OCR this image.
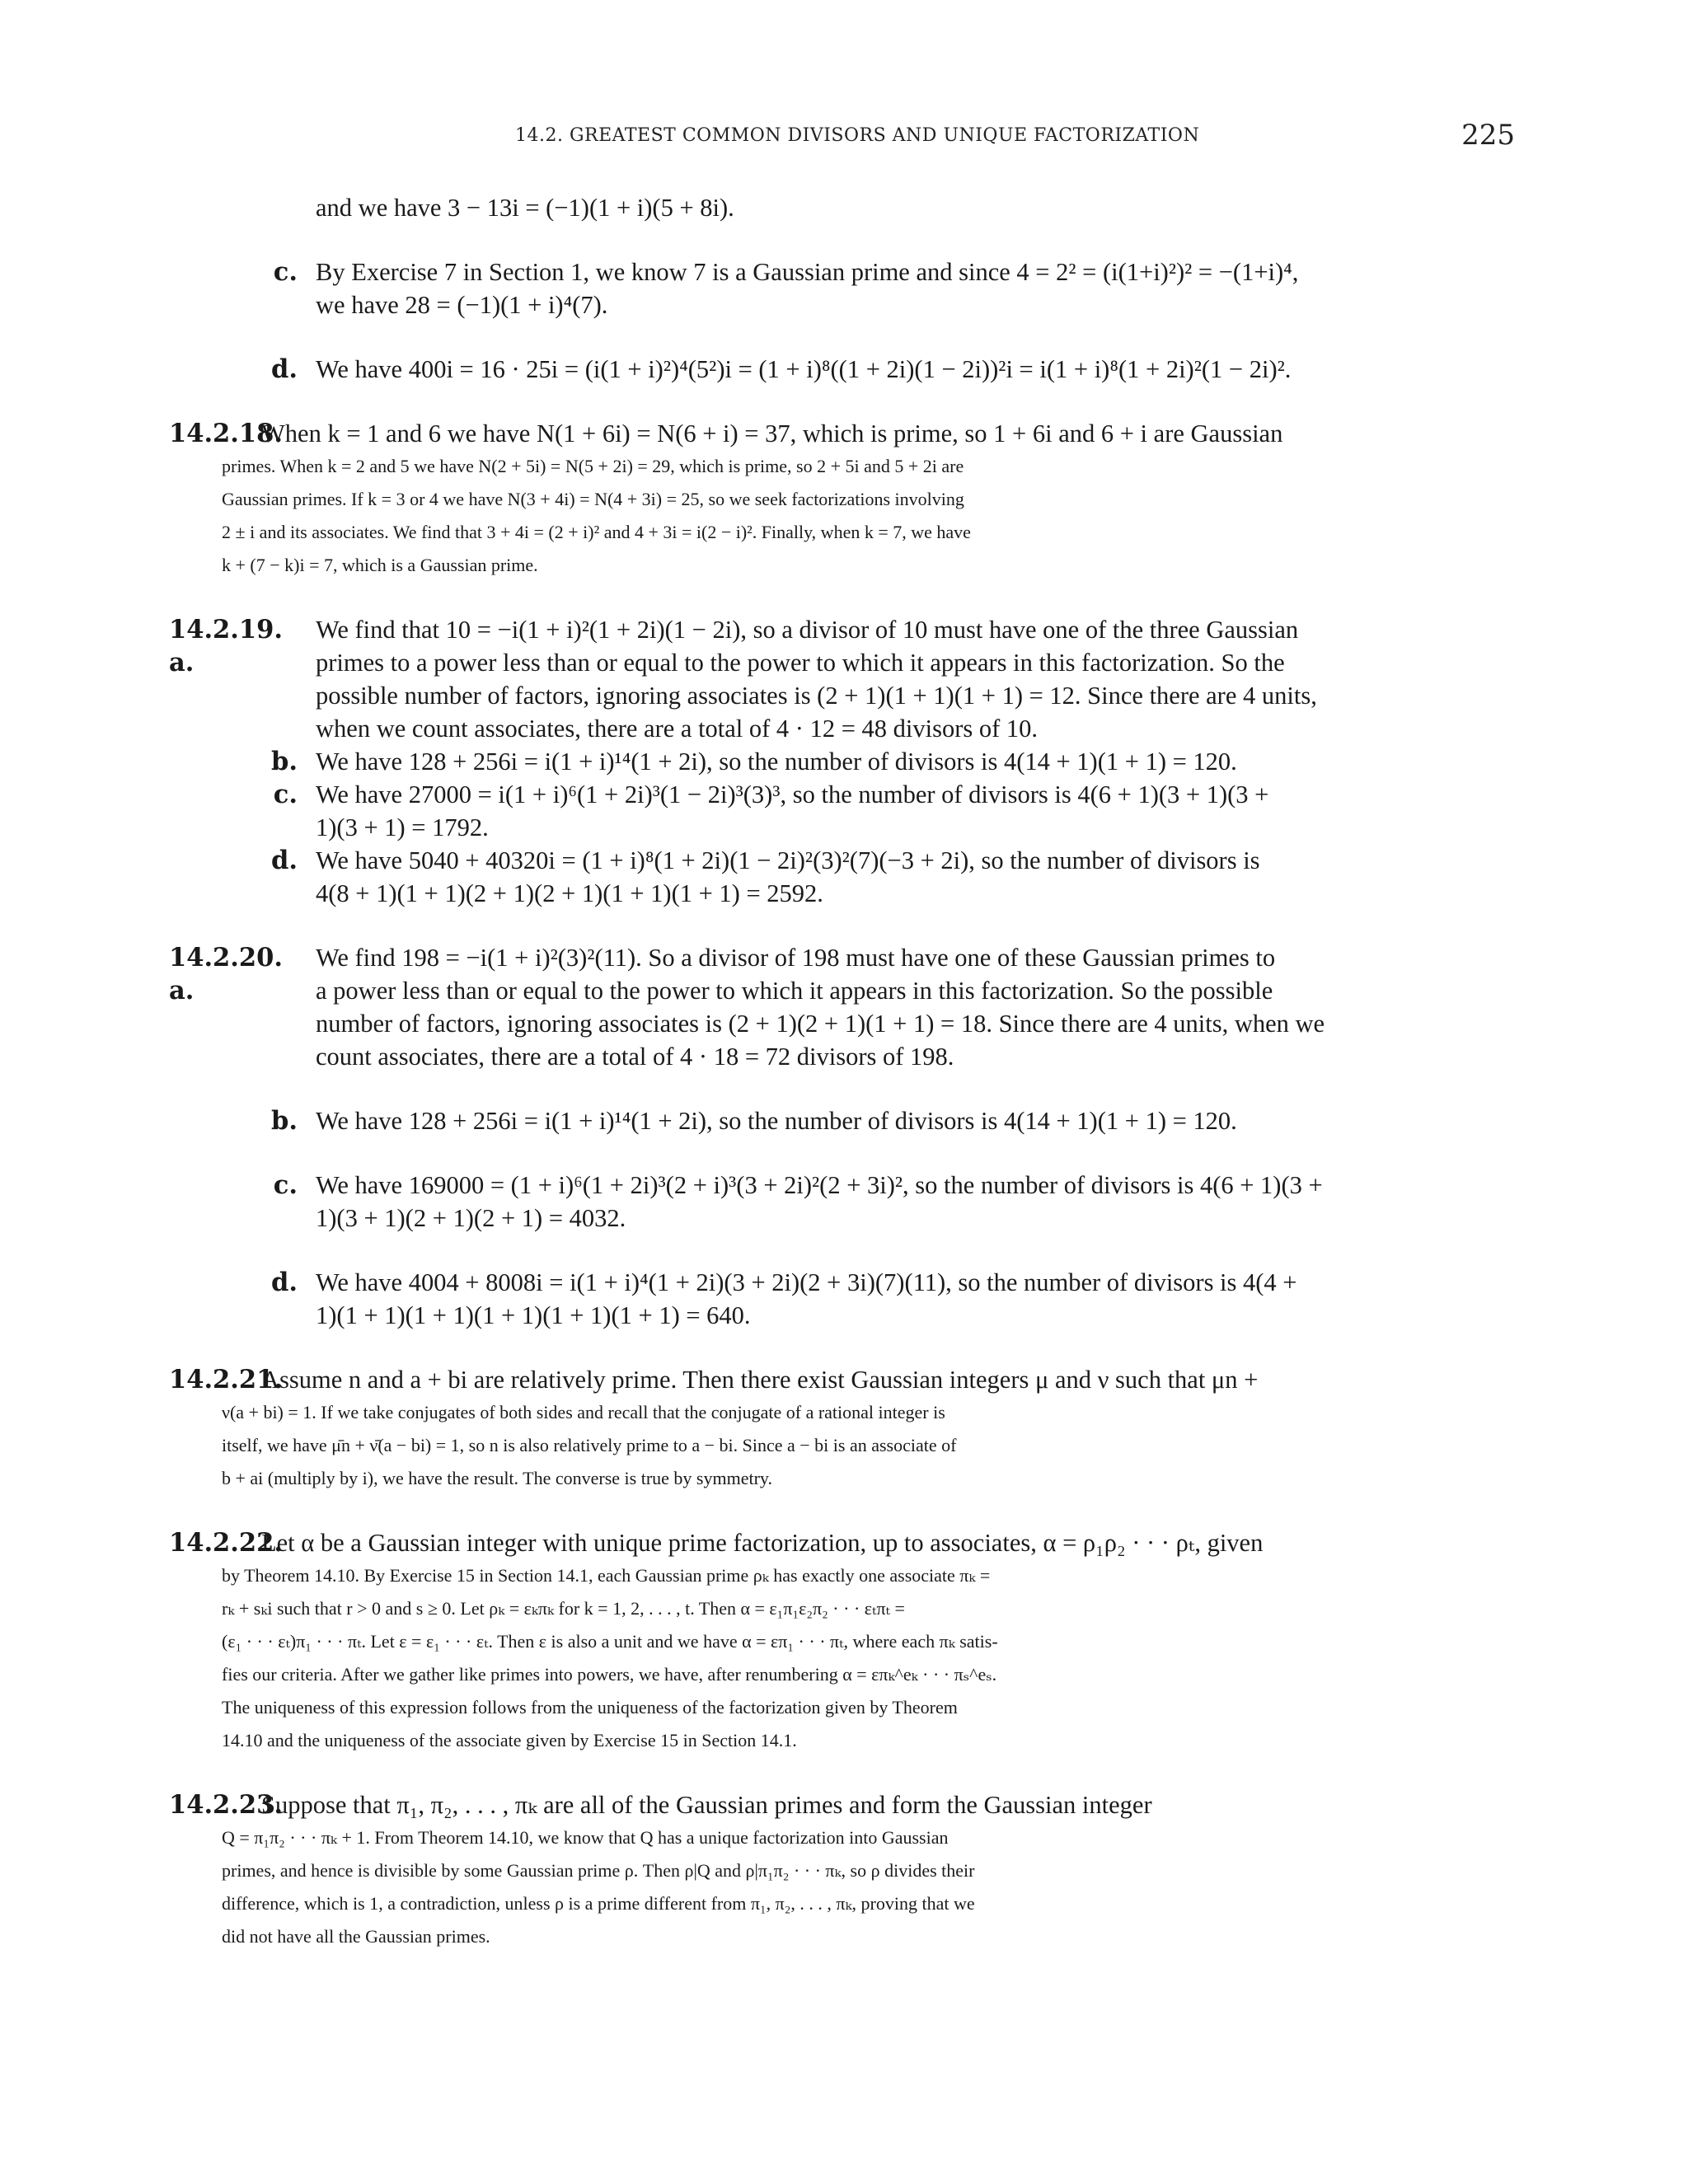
14.2. GREATEST COMMON DIVISORS AND UNIQUE FACTORIZATION	225
and we have 3 − 13i = (−1)(1 + i)(5 + 8i).
c. By Exercise 7 in Section 1, we know 7 is a Gaussian prime and since 4 = 2² = (i(1+i)²)² = −(1+i)⁴,
we have 28 = (−1)(1 + i)⁴(7).
d. We have 400i = 16 · 25i = (i(1 + i)²)⁴(5²)i = (1 + i)⁸((1 + 2i)(1 − 2i))²i = i(1 + i)⁸(1 + 2i)²(1 − 2i)².
14.2.18.
When k = 1 and 6 we have N(1 + 6i) = N(6 + i) = 37, which is prime, so 1 + 6i and 6 + i are Gaussian
primes. When k = 2 and 5 we have N(2 + 5i) = N(5 + 2i) = 29, which is prime, so 2 + 5i and 5 + 2i are
Gaussian primes. If k = 3 or 4 we have N(3 + 4i) = N(4 + 3i) = 25, so we seek factorizations involving
2 ± i and its associates. We find that 3 + 4i = (2 + i)² and 4 + 3i = i(2 − i)². Finally, when k = 7, we have
k + (7 − k)i = 7, which is a Gaussian prime.
14.2.19. a.
We find that 10 = −i(1 + i)²(1 + 2i)(1 − 2i), so a divisor of 10 must have one of the three Gaussian
primes to a power less than or equal to the power to which it appears in this factorization. So the
possible number of factors, ignoring associates is (2 + 1)(1 + 1)(1 + 1) = 12. Since there are 4 units,
when we count associates, there are a total of 4 · 12 = 48 divisors of 10.
b. We have 128 + 256i = i(1 + i)¹⁴(1 + 2i), so the number of divisors is 4(14 + 1)(1 + 1) = 120.
c. We have 27000 = i(1 + i)⁶(1 + 2i)³(1 − 2i)³(3)³, so the number of divisors is 4(6 + 1)(3 + 1)(3 +
1)(3 + 1) = 1792.
d. We have 5040 + 40320i = (1 + i)⁸(1 + 2i)(1 − 2i)²(3)²(7)(−3 + 2i), so the number of divisors is
4(8 + 1)(1 + 1)(2 + 1)(2 + 1)(1 + 1)(1 + 1) = 2592.
14.2.20. a.
We find 198 = −i(1 + i)²(3)²(11). So a divisor of 198 must have one of these Gaussian primes to
a power less than or equal to the power to which it appears in this factorization. So the possible
number of factors, ignoring associates is (2 + 1)(2 + 1)(1 + 1) = 18. Since there are 4 units, when we
count associates, there are a total of 4 · 18 = 72 divisors of 198.
b. We have 128 + 256i = i(1 + i)¹⁴(1 + 2i), so the number of divisors is 4(14 + 1)(1 + 1) = 120.
c. We have 169000 = (1 + i)⁶(1 + 2i)³(2 + i)³(3 + 2i)²(2 + 3i)², so the number of divisors is 4(6 + 1)(3 +
1)(3 + 1)(2 + 1)(2 + 1) = 4032.
d. We have 4004 + 8008i = i(1 + i)⁴(1 + 2i)(3 + 2i)(2 + 3i)(7)(11), so the number of divisors is 4(4 +
1)(1 + 1)(1 + 1)(1 + 1)(1 + 1)(1 + 1) = 640.
14.2.21.
Assume n and a + bi are relatively prime. Then there exist Gaussian integers μ and ν such that μn +
ν(a + bi) = 1. If we take conjugates of both sides and recall that the conjugate of a rational integer is
itself, we have μ̄n + ν̄(a − bi) = 1, so n is also relatively prime to a − bi. Since a − bi is an associate of
b + ai (multiply by i), we have the result. The converse is true by symmetry.
14.2.22.
Let α be a Gaussian integer with unique prime factorization, up to associates, α = ρ₁ρ₂ · · · ρₜ, given
by Theorem 14.10. By Exercise 15 in Section 14.1, each Gaussian prime ρₖ has exactly one associate πₖ =
rₖ + sₖi such that r > 0 and s ≥ 0. Let ρₖ = εₖπₖ for k = 1, 2, . . . , t. Then α = ε₁π₁ε₂π₂ · · · εₜπₜ =
(ε₁ · · · εₜ)π₁ · · · πₜ. Let ε = ε₁ · · · εₜ. Then ε is also a unit and we have α = επ₁ · · · πₜ, where each πₖ satis-
fies our criteria. After we gather like primes into powers, we have, after renumbering α = επₖ^eₖ · · · πₛ^eₛ.
The uniqueness of this expression follows from the uniqueness of the factorization given by Theorem
14.10 and the uniqueness of the associate given by Exercise 15 in Section 14.1.
14.2.23.
Suppose that π₁, π₂, . . . , πₖ are all of the Gaussian primes and form the Gaussian integer
Q = π₁π₂ · · · πₖ + 1. From Theorem 14.10, we know that Q has a unique factorization into Gaussian
primes, and hence is divisible by some Gaussian prime ρ. Then ρ|Q and ρ|π₁π₂ · · · πₖ, so ρ divides their
difference, which is 1, a contradiction, unless ρ is a prime different from π₁, π₂, . . . , πₖ, proving that we
did not have all the Gaussian primes.
